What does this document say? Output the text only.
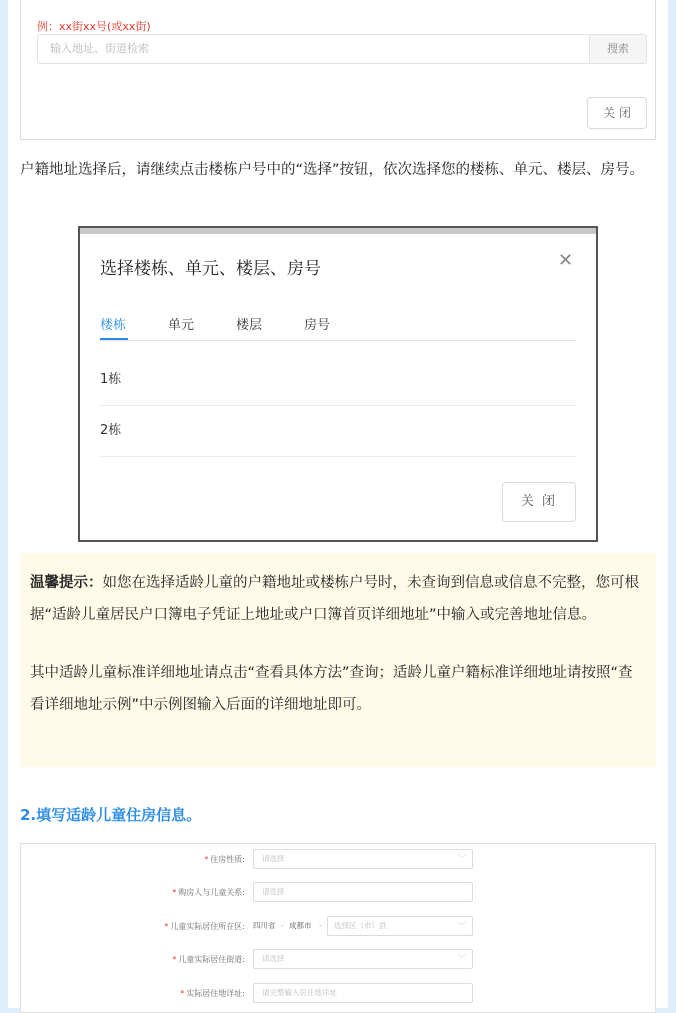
例：xx街xx号(或xx街)
输入地址、街道检索	搜索
关 闭
户籍地址选择后，请继续点击楼栋户号中的“选择”按钮，依次选择您的楼栋、单元、楼层、房号。
选择楼栋、单元、楼层、房号	✕
楼栋	单元	楼层	房号
1栋
2栋
关 闭

温馨提示：如您在选择适龄儿童的户籍地址或楼栋户号时，未查询到信息或信息不完整，您可根据“适龄儿童居民户口簿电子凭证上地址或户口簿首页详细地址”中输入或完善地址信息。

其中适龄儿童标准详细地址请点击“查看具体方法”查询；适龄儿童户籍标准详细地址请按照“查看详细地址示例”中示例图输入后面的详细地址即可。

2.填写适龄儿童住房信息。
* 住房性质:	请选择	﹀
* 购房人与儿童关系:	请选择
* 儿童实际居住所在区: 四川省 - 成都市 -	选择区（市）县	﹀
* 儿童实际居住街道:	请选择	﹀
* 实际居住地详址:	请完整输入居住地详址
